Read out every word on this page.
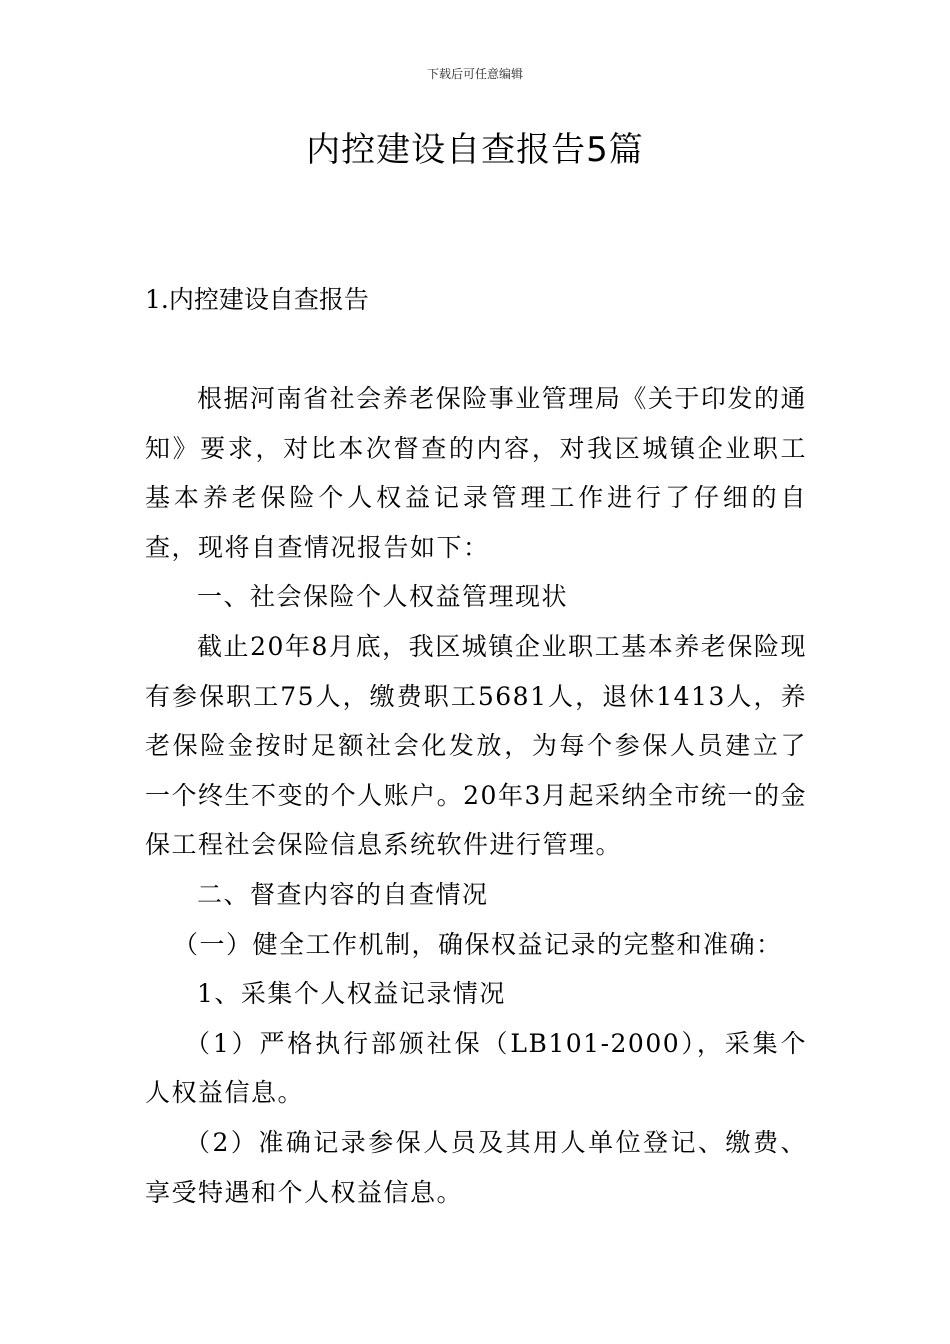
下载后可任意编辑
内控建设自查报告5篇
1.内控建设自查报告

根据河南省社会养老保险事业管理局《关于印发的通知》要求，对比本次督查的内容，对我区城镇企业职工基本养老保险个人权益记录管理工作进行了仔细的自查，现将自查情况报告如下：

一、社会保险个人权益管理现状

截止20年8月底，我区城镇企业职工基本养老保险现有参保职工75人，缴费职工5681人，退休1413人，养老保险金按时足额社会化发放，为每个参保人员建立了一个终生不变的个人账户。20年3月起采纳全市统一的金保工程社会保险信息系统软件进行管理。

二、督查内容的自查情况

（一）健全工作机制，确保权益记录的完整和准确：

1、采集个人权益记录情况

（1）严格执行部颁社保（LB101-2000），采集个人权益信息。

（2）准确记录参保人员及其用人单位登记、缴费、享受特遇和个人权益信息。
